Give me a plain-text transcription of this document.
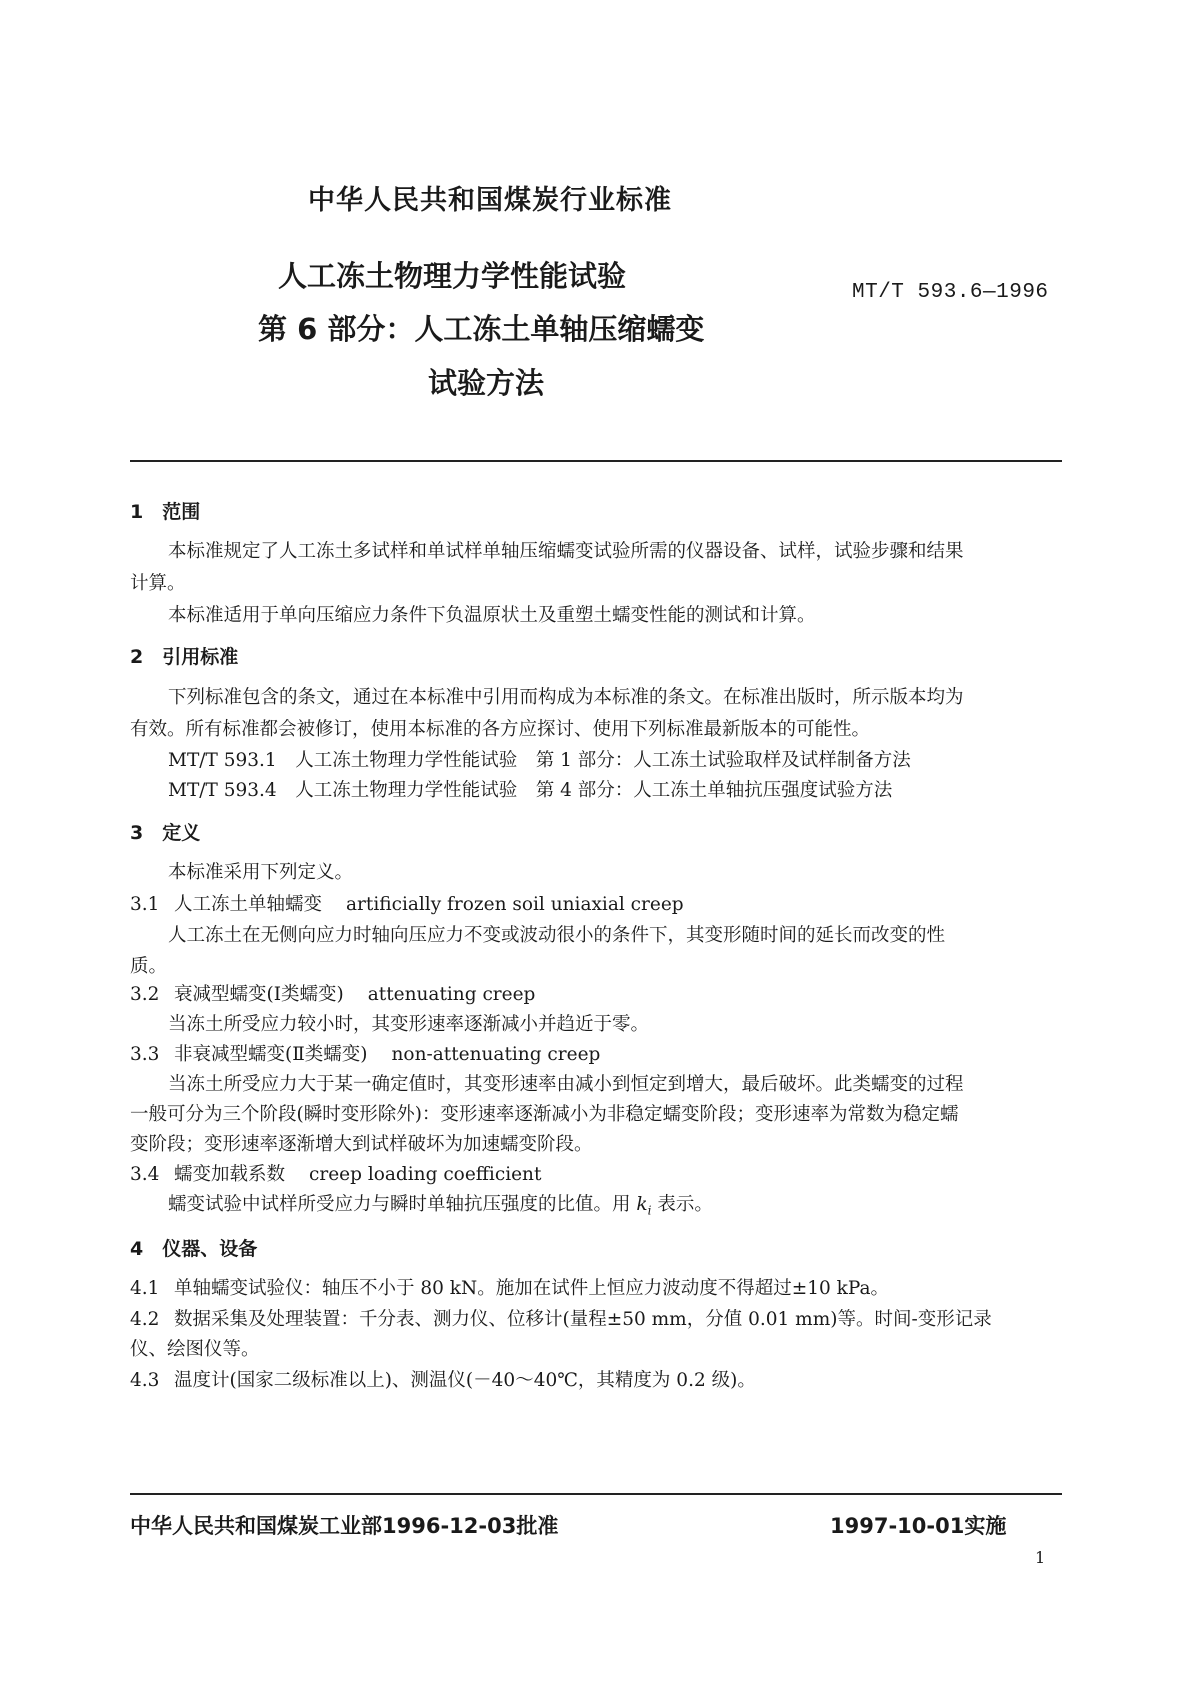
中华人民共和国煤炭行业标准
人工冻土物理力学性能试验
第 6 部分：人工冻土单轴压缩蠕变
试验方法
MT/T 593.6—1996
1　范围
本标准规定了人工冻土多试样和单试样单轴压缩蠕变试验所需的仪器设备、试样，试验步骤和结果
计算。
本标准适用于单向压缩应力条件下负温原状土及重塑土蠕变性能的测试和计算。
2　引用标准
下列标准包含的条文，通过在本标准中引用而构成为本标准的条文。在标准出版时，所示版本均为
有效。所有标准都会被修订，使用本标准的各方应探讨、使用下列标准最新版本的可能性。
MT/T 593.1　人工冻土物理力学性能试验　第 1 部分：人工冻土试验取样及试样制备方法
MT/T 593.4　人工冻土物理力学性能试验　第 4 部分：人工冻土单轴抗压强度试验方法
3　定义
本标准采用下列定义。
3.1 人工冻土单轴蠕变 artificially frozen soil uniaxial creep
人工冻土在无侧向应力时轴向压应力不变或波动很小的条件下，其变形随时间的延长而改变的性
质。
3.2 衰减型蠕变(Ⅰ类蠕变) attenuating creep
当冻土所受应力较小时，其变形速率逐渐减小并趋近于零。
3.3 非衰减型蠕变(Ⅱ类蠕变) non-attenuating creep
当冻土所受应力大于某一确定值时，其变形速率由减小到恒定到增大，最后破坏。此类蠕变的过程
一般可分为三个阶段(瞬时变形除外)：变形速率逐渐减小为非稳定蠕变阶段；变形速率为常数为稳定蠕
变阶段；变形速率逐渐增大到试样破坏为加速蠕变阶段。
3.4 蠕变加载系数 creep loading coefficient
蠕变试验中试样所受应力与瞬时单轴抗压强度的比值。用 $k_i$ 表示。
4　仪器、设备
4.1 单轴蠕变试验仪：轴压不小于 80 kN。施加在试件上恒应力波动度不得超过±10 kPa。
4.2 数据采集及处理装置：千分表、测力仪、位移计(量程±50 mm，分值 0.01 mm)等。时间-变形记录
仪、绘图仪等。
4.3 温度计(国家二级标准以上)、测温仪(－40～40℃，其精度为 0.2 级)。
中华人民共和国煤炭工业部1996-12-03批准	1997-10-01实施
1
